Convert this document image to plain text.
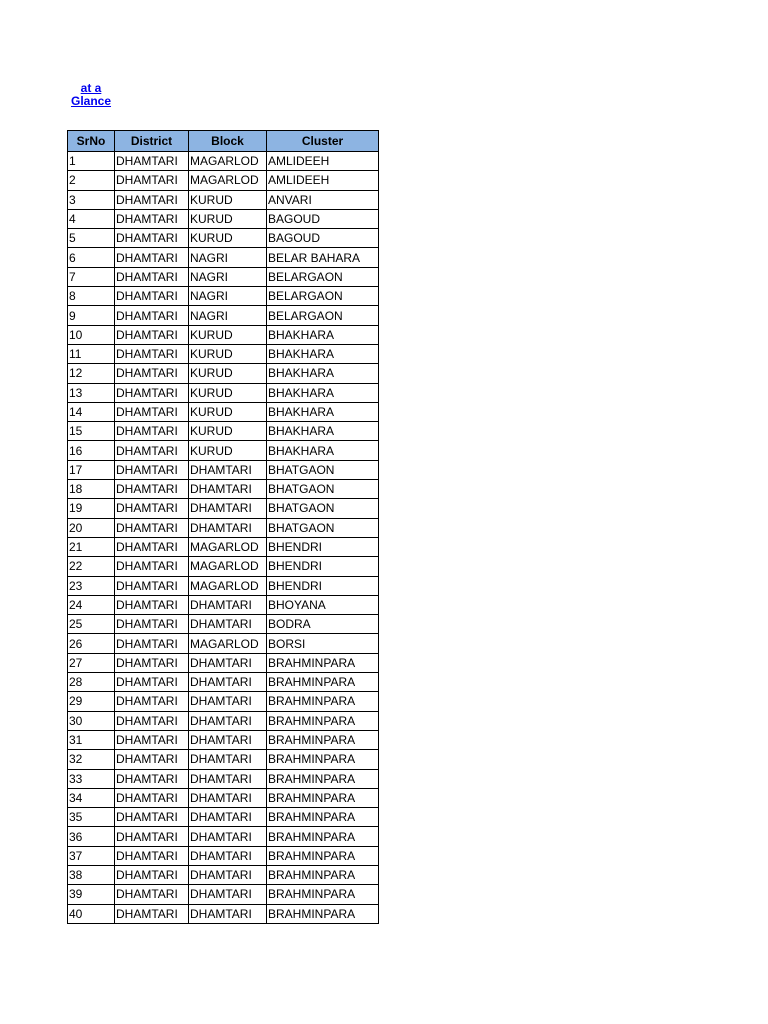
at a
Glance
SrNo	District	Block	Cluster
1	DHAMTARI	MAGARLOD	AMLIDEEH
2	DHAMTARI	MAGARLOD	AMLIDEEH
3	DHAMTARI	KURUD	ANVARI
4	DHAMTARI	KURUD	BAGOUD
5	DHAMTARI	KURUD	BAGOUD
6	DHAMTARI	NAGRI	BELAR BAHARA
7	DHAMTARI	NAGRI	BELARGAON
8	DHAMTARI	NAGRI	BELARGAON
9	DHAMTARI	NAGRI	BELARGAON
10	DHAMTARI	KURUD	BHAKHARA
11	DHAMTARI	KURUD	BHAKHARA
12	DHAMTARI	KURUD	BHAKHARA
13	DHAMTARI	KURUD	BHAKHARA
14	DHAMTARI	KURUD	BHAKHARA
15	DHAMTARI	KURUD	BHAKHARA
16	DHAMTARI	KURUD	BHAKHARA
17	DHAMTARI	DHAMTARI	BHATGAON
18	DHAMTARI	DHAMTARI	BHATGAON
19	DHAMTARI	DHAMTARI	BHATGAON
20	DHAMTARI	DHAMTARI	BHATGAON
21	DHAMTARI	MAGARLOD	BHENDRI
22	DHAMTARI	MAGARLOD	BHENDRI
23	DHAMTARI	MAGARLOD	BHENDRI
24	DHAMTARI	DHAMTARI	BHOYANA
25	DHAMTARI	DHAMTARI	BODRA
26	DHAMTARI	MAGARLOD	BORSI
27	DHAMTARI	DHAMTARI	BRAHMINPARA
28	DHAMTARI	DHAMTARI	BRAHMINPARA
29	DHAMTARI	DHAMTARI	BRAHMINPARA
30	DHAMTARI	DHAMTARI	BRAHMINPARA
31	DHAMTARI	DHAMTARI	BRAHMINPARA
32	DHAMTARI	DHAMTARI	BRAHMINPARA
33	DHAMTARI	DHAMTARI	BRAHMINPARA
34	DHAMTARI	DHAMTARI	BRAHMINPARA
35	DHAMTARI	DHAMTARI	BRAHMINPARA
36	DHAMTARI	DHAMTARI	BRAHMINPARA
37	DHAMTARI	DHAMTARI	BRAHMINPARA
38	DHAMTARI	DHAMTARI	BRAHMINPARA
39	DHAMTARI	DHAMTARI	BRAHMINPARA
40	DHAMTARI	DHAMTARI	BRAHMINPARA
